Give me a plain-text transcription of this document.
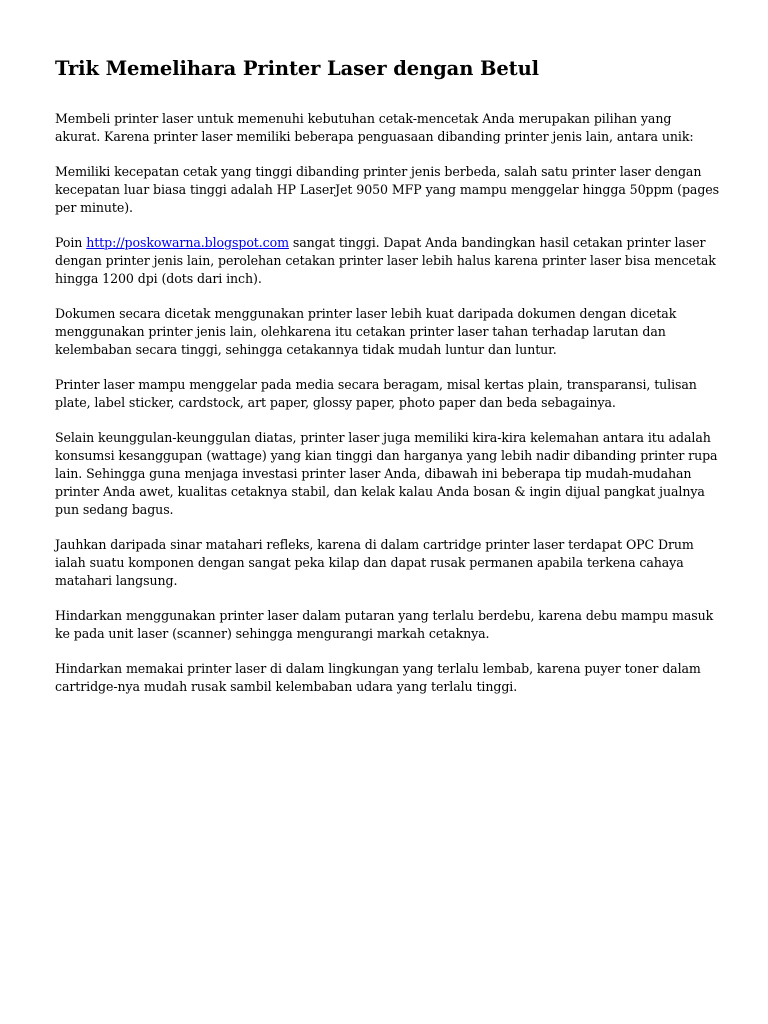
Trik Memelihara Printer Laser dengan Betul

Membeli printer laser untuk memenuhi kebutuhan cetak-mencetak Anda merupakan pilihan yang akurat. Karena printer laser memiliki beberapa penguasaan dibanding printer jenis lain, antara unik:

Memiliki kecepatan cetak yang tinggi dibanding printer jenis berbeda, salah satu printer laser dengan kecepatan luar biasa tinggi adalah HP LaserJet 9050 MFP yang mampu menggelar hingga 50ppm (pages per minute).

Poin http://poskowarna.blogspot.com sangat tinggi. Dapat Anda bandingkan hasil cetakan printer laser dengan printer jenis lain, perolehan cetakan printer laser lebih halus karena printer laser bisa mencetak hingga 1200 dpi (dots dari inch).

Dokumen secara dicetak menggunakan printer laser lebih kuat daripada dokumen dengan dicetak menggunakan printer jenis lain, olehkarena itu cetakan printer laser tahan terhadap larutan dan kelembaban secara tinggi, sehingga cetakannya tidak mudah luntur dan luntur.

Printer laser mampu menggelar pada media secara beragam, misal kertas plain, transparansi, tulisan plate, label sticker, cardstock, art paper, glossy paper, photo paper dan beda sebagainya.

Selain keunggulan-keunggulan diatas, printer laser juga memiliki kira-kira kelemahan antara itu adalah konsumsi kesanggupan (wattage) yang kian tinggi dan harganya yang lebih nadir dibanding printer rupa lain. Sehingga guna menjaga investasi printer laser Anda, dibawah ini beberapa tip mudah-mudahan printer Anda awet, kualitas cetaknya stabil, dan kelak kalau Anda bosan & ingin dijual pangkat jualnya pun sedang bagus.

Jauhkan daripada sinar matahari refleks, karena di dalam cartridge printer laser terdapat OPC Drum ialah suatu komponen dengan sangat peka kilap dan dapat rusak permanen apabila terkena cahaya matahari langsung.

Hindarkan menggunakan printer laser dalam putaran yang terlalu berdebu, karena debu mampu masuk ke pada unit laser (scanner) sehingga mengurangi markah cetaknya.

Hindarkan memakai printer laser di dalam lingkungan yang terlalu lembab, karena puyer toner dalam cartridge-nya mudah rusak sambil kelembaban udara yang terlalu tinggi.
